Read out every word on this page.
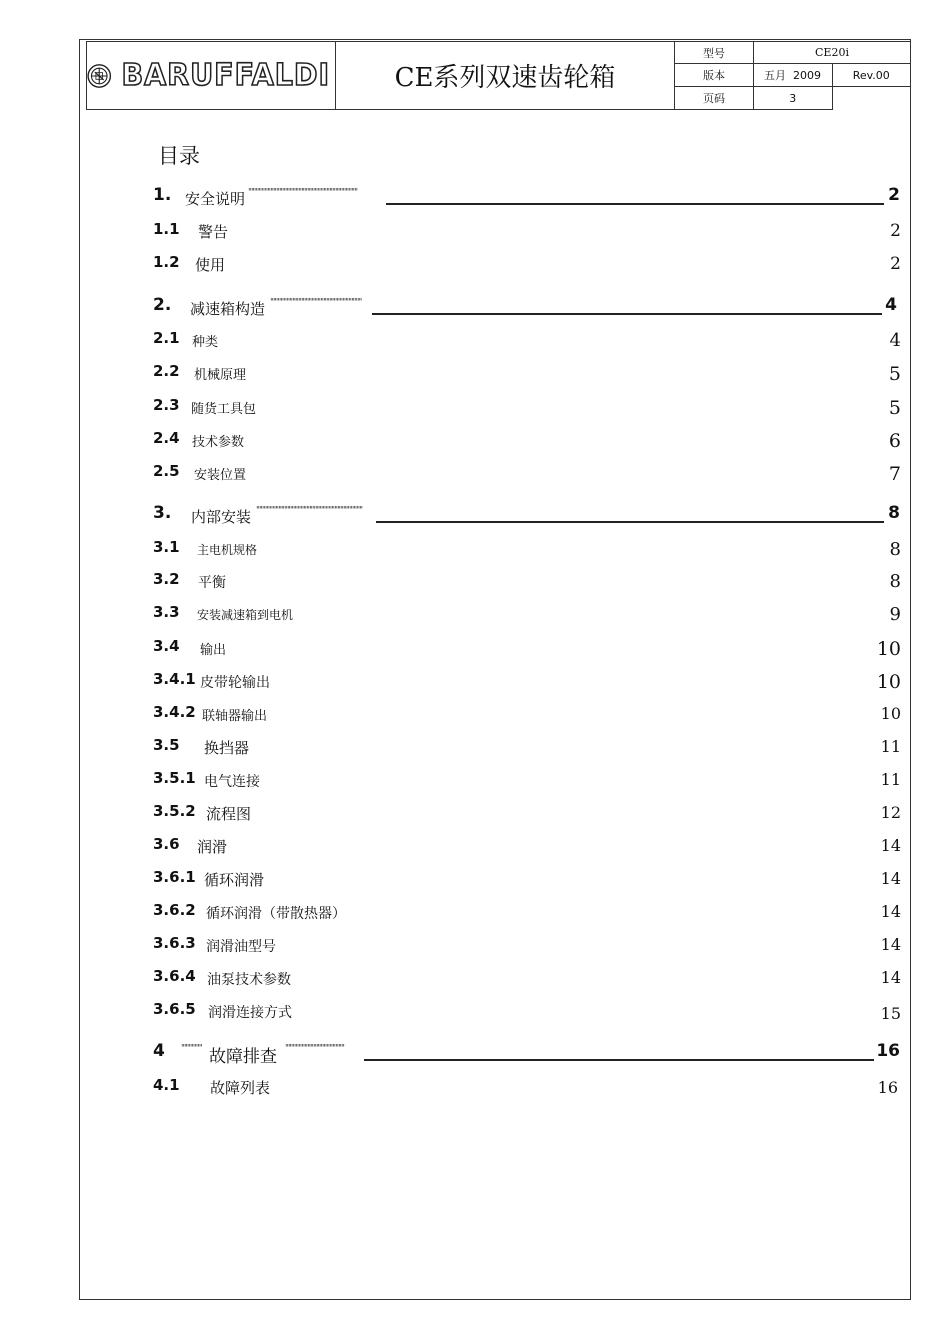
BARUFFALDI	CE系列双速齿轮箱	型号	CE20i	
		版本	五月 2009	Rev.00
		页码	3	
目录
1. 安全说明 ''''''''''''''''''''''''''''''''''''''''''''''''''''''''''''''''''''''''''	2
1.1 警告	2
1.2 使用	2
2. 减速箱构造 ''''''''''''''''''''''''''''''''''''''''''''''''''''''''''''''	4
2.1 种类	4
2.2 机械原理	5
2.3 随货工具包	5
2.4 技术参数	6
2.5 安装位置	7
3. 内部安装 ''''''''''''''''''''''''''''''''''''''''''''''''''''''''''''''''''''''''	8
3.1 主电机规格	8
3.2 平衡	8
3.3 安装减速箱到电机	9
3.4 输出	10
3.4.1 皮带轮输出	10
3.4.2 联轴器输出	10
3.5 换挡器	11
3.5.1 电气连接	11
3.5.2 流程图	12
3.6 润滑	14
3.6.1 循环润滑	14
3.6.2 循环润滑（带散热器）	14
3.6.3 润滑油型号	14
3.6.4 油泵技术参数	14
3.6.5 润滑连接方式	15
4 '''''''''''''' 故障排查 ''''''''''''''''''''''''''''''''''''''''	16
4.1 故障列表	16
